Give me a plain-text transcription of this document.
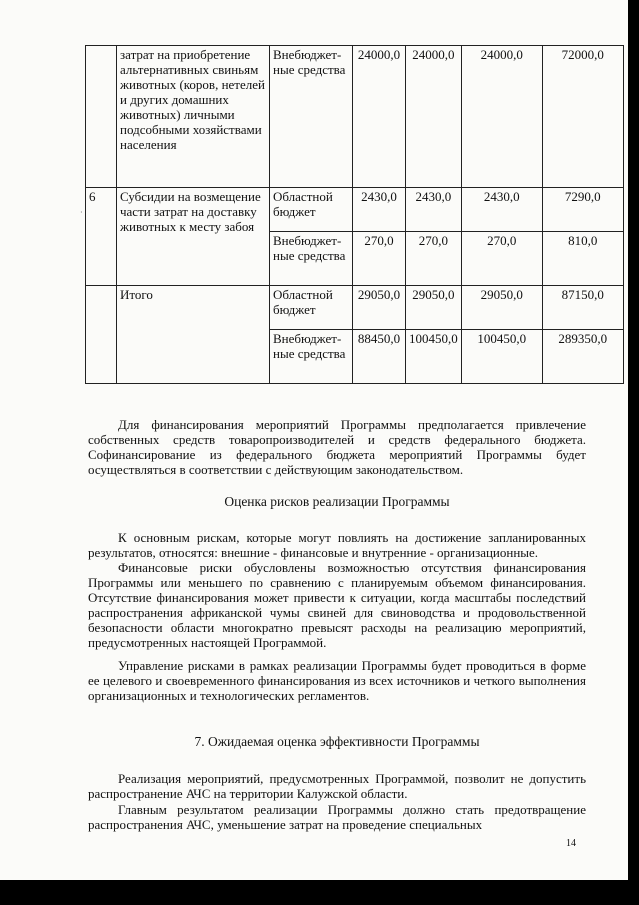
·
	затрат на приобретение альтернативных свиньям животных (коров, нетелей и других домашних животных) личными подсобными хозяйствами населения	Внебюджет-ные средства	24000,0	24000,0	24000,0	72000,0
6	Субсидии на возмещение части затрат на доставку животных к месту забоя	Областной бюджет	2430,0	2430,0	2430,0	7290,0
		Внебюджет-ные средства	270,0	270,0	270,0	810,0
	Итого	Областной бюджет	29050,0	29050,0	29050,0	87150,0
		Внебюджет-ные средства	88450,0	100450,0	100450,0	289350,0

Для финансирования мероприятий Программы предполагается привлечение собственных средств товаропроизводителей и средств федерального бюджета. Софинансирование из федерального бюджета мероприятий Программы будет осуществляться в соответствии с действующим законодательством.

Оценка рисков реализации Программы

К основным рискам, которые могут повлиять на достижение запланированных результатов, относятся: внешние - финансовые и внутренние - организационные.

Финансовые риски обусловлены возможностью отсутствия финансирования Программы или меньшего по сравнению с планируемым объемом финансирования. Отсутствие финансирования может привести к ситуации, когда масштабы последствий распространения африканской чумы свиней для свиноводства и продовольственной безопасности области многократно превысят расходы на реализацию мероприятий, предусмотренных настоящей Программой.

Управление рисками в рамках реализации Программы будет проводиться в форме ее целевого и своевременного финансирования из всех источников и четкого выполнения организационных и технологических регламентов.

7. Ожидаемая оценка эффективности Программы

Реализация мероприятий, предусмотренных Программой, позволит не допустить распространение АЧС на территории Калужской области.

Главным результатом реализации Программы должно стать предотвращение распространения АЧС, уменьшение затрат на проведение специальных

14
